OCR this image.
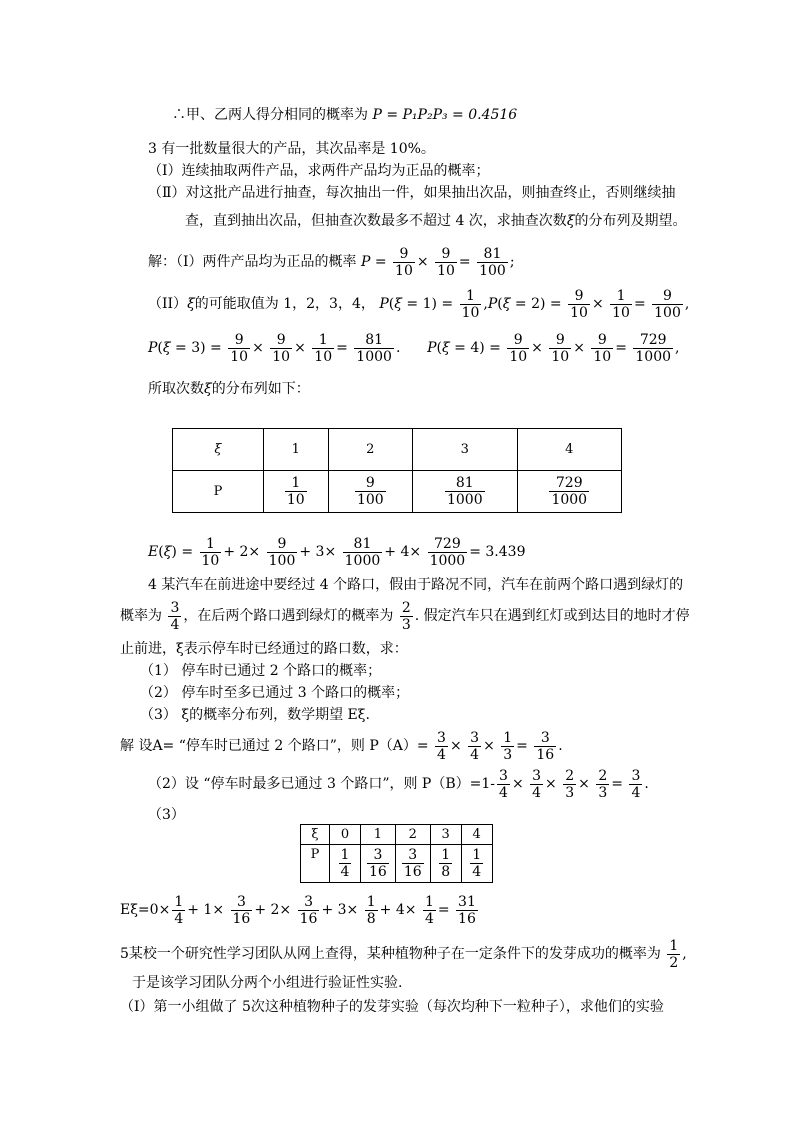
∴甲、乙两人得分相同的概率为 P = P₁P₂P₃ = 0.4516
3 有一批数量很大的产品，其次品率是 10%。
（Ⅰ）连续抽取两件产品，求两件产品均为正品的概率；
（Ⅱ）对这批产品进行抽查，每次抽出一件，如果抽出次品，则抽查终止，否则继续抽
查，直到抽出次品，但抽查次数最多不超过 4 次，求抽查次数ξ的分布列及期望。
解：（I）两件产品均为正品的概率 $P = \frac{9}{10} \times \frac{9}{10} = \frac{81}{100}$ ;
（II）ξ的可能取值为 1，2，3，4， $P(\xi = 1) = \frac{1}{10} ,P(\xi = 2) = \frac{9}{10} \times \frac{1}{10} = \frac{9}{100}$ ,
$P(\xi = 3) = \frac{9}{10} \times \frac{9}{10} \times \frac{1}{10} = \frac{81}{1000}$ .      $P(\xi = 4) = \frac{9}{10} \times \frac{9}{10} \times \frac{9}{10} = \frac{729}{1000}$ ,
所取次数ξ的分布列如下：
ξ	1	2	3	4
P	$\frac{1}{10}$	$\frac{9}{100}$	$\frac{81}{1000}$	$\frac{729}{1000}$
$E(\xi) = \frac{1}{10} + 2\times \frac{9}{100} + 3\times \frac{81}{1000} + 4\times \frac{729}{1000} = 3.439$
4 某汽车在前进途中要经过 4 个路口，假由于路况不同，汽车在前两个路口遇到绿灯的
概率为 $\frac{3}{4}$ ，在后两个路口遇到绿灯的概率为 $\frac{2}{3}$ . 假定汽车只在遇到红灯或到达目的地时才停
止前进，ξ表示停车时已经通过的路口数，求：
（1） 停车时已通过 2 个路口的概率；
（2） 停车时至多已通过 3 个路口的概率；
（3） ξ的概率分布列，数学期望 Eξ.
解 设A= “停车时已通过 2 个路口”，则 $P(A)= \frac{3}{4} \times \frac{3}{4} \times \frac{1}{3} = \frac{3}{16}$ .
（2）设 “停车时最多已通过 3 个路口”，则 $P(B)=1- \frac{3}{4} \times \frac{3}{4} \times \frac{2}{3} \times \frac{2}{3} = \frac{3}{4}$ .
（3）
ξ	0	1	2	3	4
P	$\frac{1}{4}$	$\frac{3}{16}$	$\frac{3}{16}$	$\frac{1}{8}$	$\frac{1}{4}$
$E\xi=0\times \frac{1}{4} + 1\times \frac{3}{16} + 2\times \frac{3}{16} + 3\times \frac{1}{8} + 4\times \frac{1}{4} = \frac{31}{16}$
5某校一个研究性学习团队从网上查得，某种植物种子在一定条件下的发芽成功的概率为 $\frac{1}{2}$ ,
于是该学习团队分两个小组进行验证性实验.
（Ⅰ）第一小组做了 5次这种植物种子的发芽实验（每次均种下一粒种子），求他们的实验
